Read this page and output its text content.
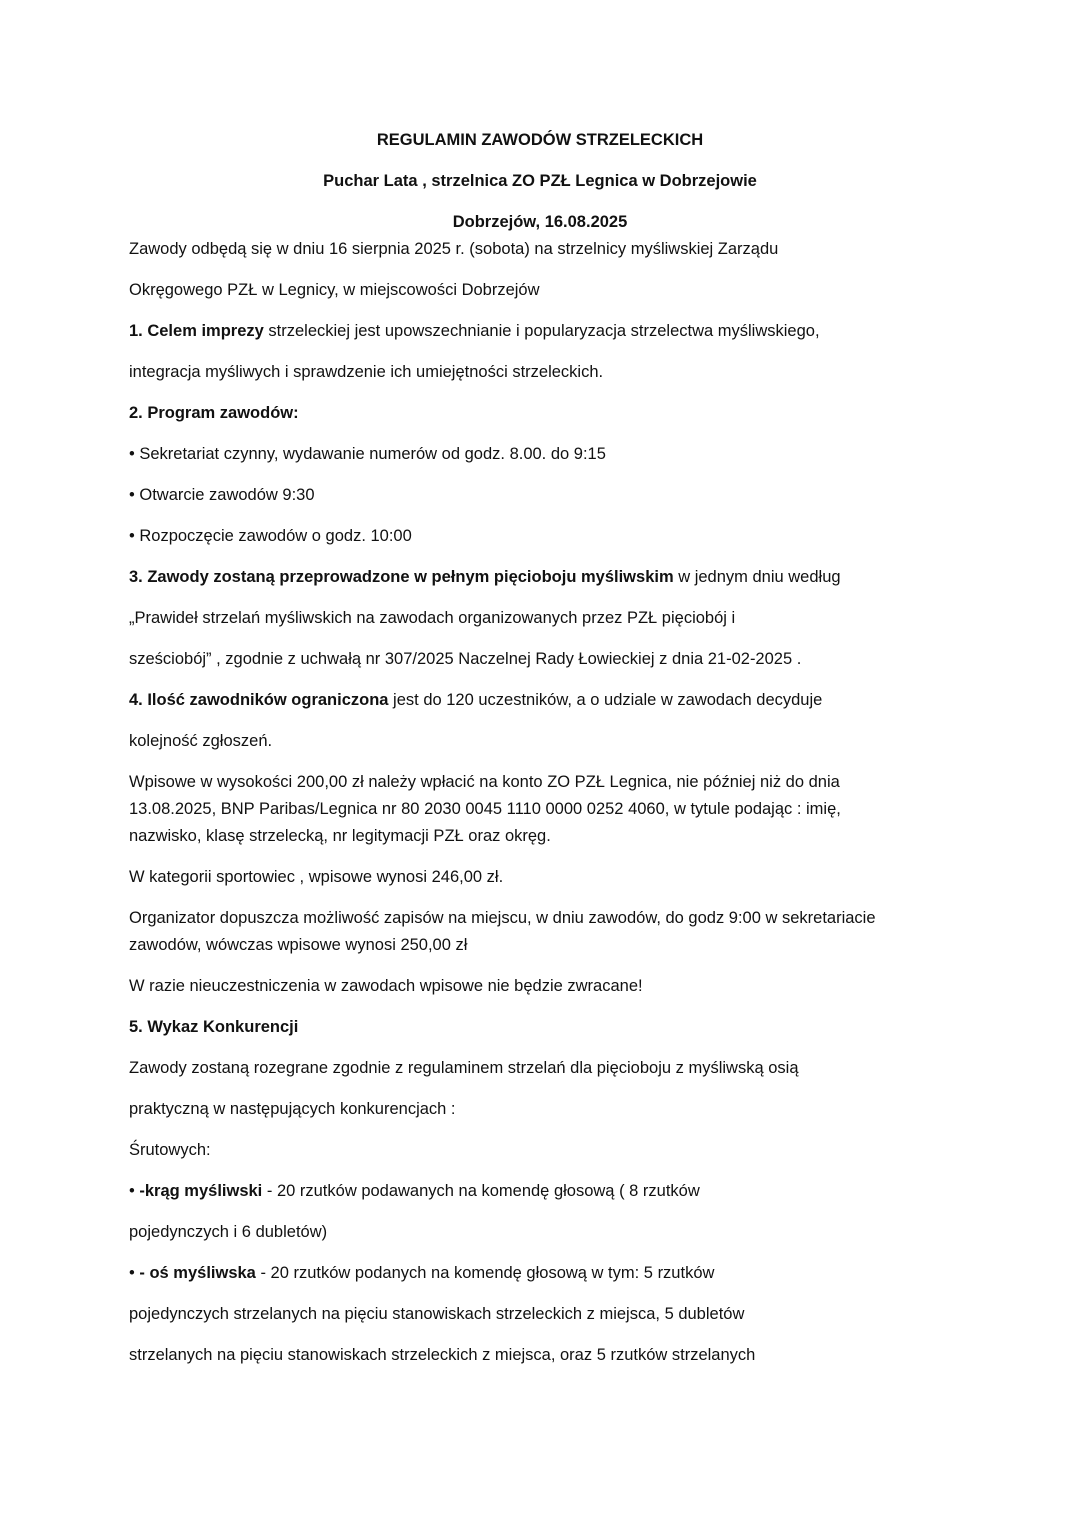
REGULAMIN ZAWODÓW STRZELECKICH
Puchar Lata , strzelnica ZO PZŁ Legnica w Dobrzejowie
Dobrzejów, 16.08.2025
Zawody odbędą się w dniu 16 sierpnia 2025 r. (sobota) na strzelnicy myśliwskiej Zarządu
Okręgowego PZŁ w Legnicy, w miejscowości Dobrzejów
1. Celem imprezy strzeleckiej jest upowszechnianie i popularyzacja strzelectwa myśliwskiego,
integracja myśliwych i sprawdzenie ich umiejętności strzeleckich.
2. Program zawodów:
• Sekretariat czynny, wydawanie numerów od godz. 8.00. do 9:15
• Otwarcie zawodów 9:30
• Rozpoczęcie zawodów o godz. 10:00
3. Zawody zostaną przeprowadzone w pełnym pięcioboju myśliwskim w jednym dniu według
„Prawideł strzelań myśliwskich na zawodach organizowanych przez PZŁ pięciobój i
sześciobój” , zgodnie z uchwałą nr 307/2025 Naczelnej Rady Łowieckiej z dnia 21-02-2025 .
4. Ilość zawodników ograniczona jest do 120 uczestników, a o udziale w zawodach decyduje
kolejność zgłoszeń.
Wpisowe w wysokości 200,00 zł należy wpłacić na konto ZO PZŁ Legnica, nie później niż do dnia
13.08.2025, BNP Paribas/Legnica nr 80 2030 0045 1110 0000 0252 4060, w tytule podając : imię,
nazwisko, klasę strzelecką, nr legitymacji PZŁ oraz okręg.
W kategorii sportowiec , wpisowe wynosi 246,00 zł.
Organizator dopuszcza możliwość zapisów na miejscu, w dniu zawodów, do godz 9:00 w sekretariacie
zawodów, wówczas wpisowe wynosi 250,00 zł
W razie nieuczestniczenia w zawodach wpisowe nie będzie zwracane!
5. Wykaz Konkurencji
Zawody zostaną rozegrane zgodnie z regulaminem strzelań dla pięcioboju z myśliwską osią
praktyczną w następujących konkurencjach :
Śrutowych:
• -krąg myśliwski - 20 rzutków podawanych na komendę głosową ( 8 rzutków
pojedynczych i 6 dubletów)
• - oś myśliwska - 20 rzutków podanych na komendę głosową w tym: 5 rzutków
pojedynczych strzelanych na pięciu stanowiskach strzeleckich z miejsca, 5 dubletów
strzelanych na pięciu stanowiskach strzeleckich z miejsca, oraz 5 rzutków strzelanych
